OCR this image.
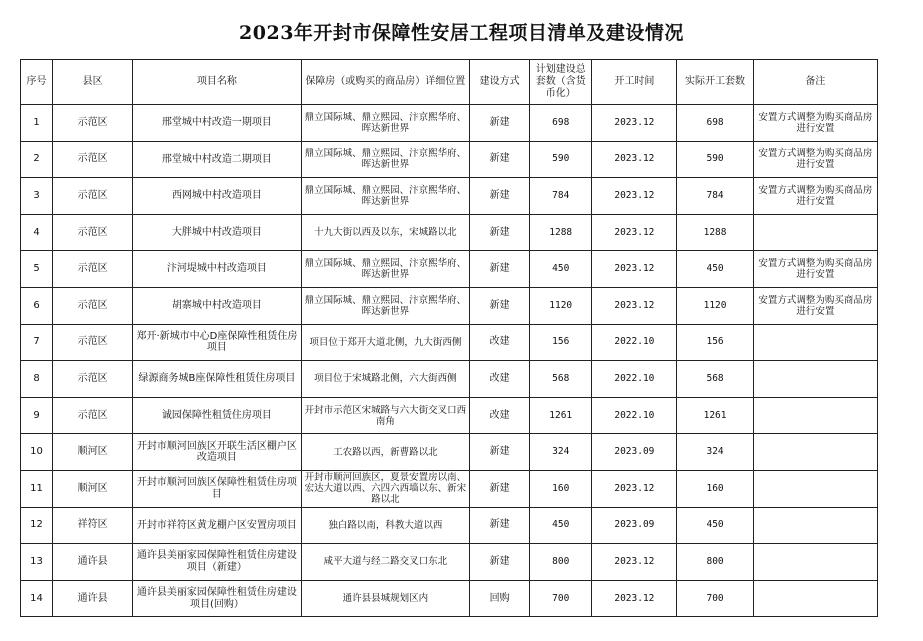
2023年开封市保障性安居工程项目清单及建设情况
序号	县区	项目名称	保障房（或购买的商品房）详细位置	建设方式	计划建设总套数（含货币化）	开工时间	实际开工套数	备注
1	示范区	邢堂城中村改造一期项目	鼎立国际城、鼎立熙园、汴京熙华府、晖达新世界	新建	698	2023.12	698	安置方式调整为购买商品房进行安置
2	示范区	邢堂城中村改造二期项目	鼎立国际城、鼎立熙园、汴京熙华府、晖达新世界	新建	590	2023.12	590	安置方式调整为购买商品房进行安置
3	示范区	西网城中村改造项目	鼎立国际城、鼎立熙园、汴京熙华府、晖达新世界	新建	784	2023.12	784	安置方式调整为购买商品房进行安置
4	示范区	大胖城中村改造项目	十九大街以西及以东，宋城路以北	新建	1288	2023.12	1288	
5	示范区	汴河堤城中村改造项目	鼎立国际城、鼎立熙园、汴京熙华府、晖达新世界	新建	450	2023.12	450	安置方式调整为购买商品房进行安置
6	示范区	胡寨城中村改造项目	鼎立国际城、鼎立熙园、汴京熙华府、晖达新世界	新建	1120	2023.12	1120	安置方式调整为购买商品房进行安置
7	示范区	郑开·新城市中心D座保障性租赁住房项目	项目位于郑开大道北侧，九大街西侧	改建	156	2022.10	156	
8	示范区	绿源商务城B座保障性租赁住房项目	项目位于宋城路北侧，六大街西侧	改建	568	2022.10	568	
9	示范区	诚园保障性租赁住房项目	开封市示范区宋城路与六大街交叉口西南角	改建	1261	2022.10	1261	
10	顺河区	开封市顺河回族区开联生活区棚户区改造项目	工农路以西，新曹路以北	新建	324	2023.09	324	
11	顺河区	开封市顺河回族区保障性租赁住房项目	开封市顺河回族区，夏景安置房以南、宏达大道以西、六四六西墙以东、新宋路以北	新建	160	2023.12	160	
12	祥符区	开封市祥符区黄龙棚户区安置房项目	独白路以南，科教大道以西	新建	450	2023.09	450	
13	通许县	通许县美丽家园保障性租赁住房建设项目（新建）	咸平大道与经二路交叉口东北	新建	800	2023.12	800	
14	通许县	通许县美丽家园保障性租赁住房建设项目(回购）	通许县县城规划区内	回购	700	2023.12	700	
